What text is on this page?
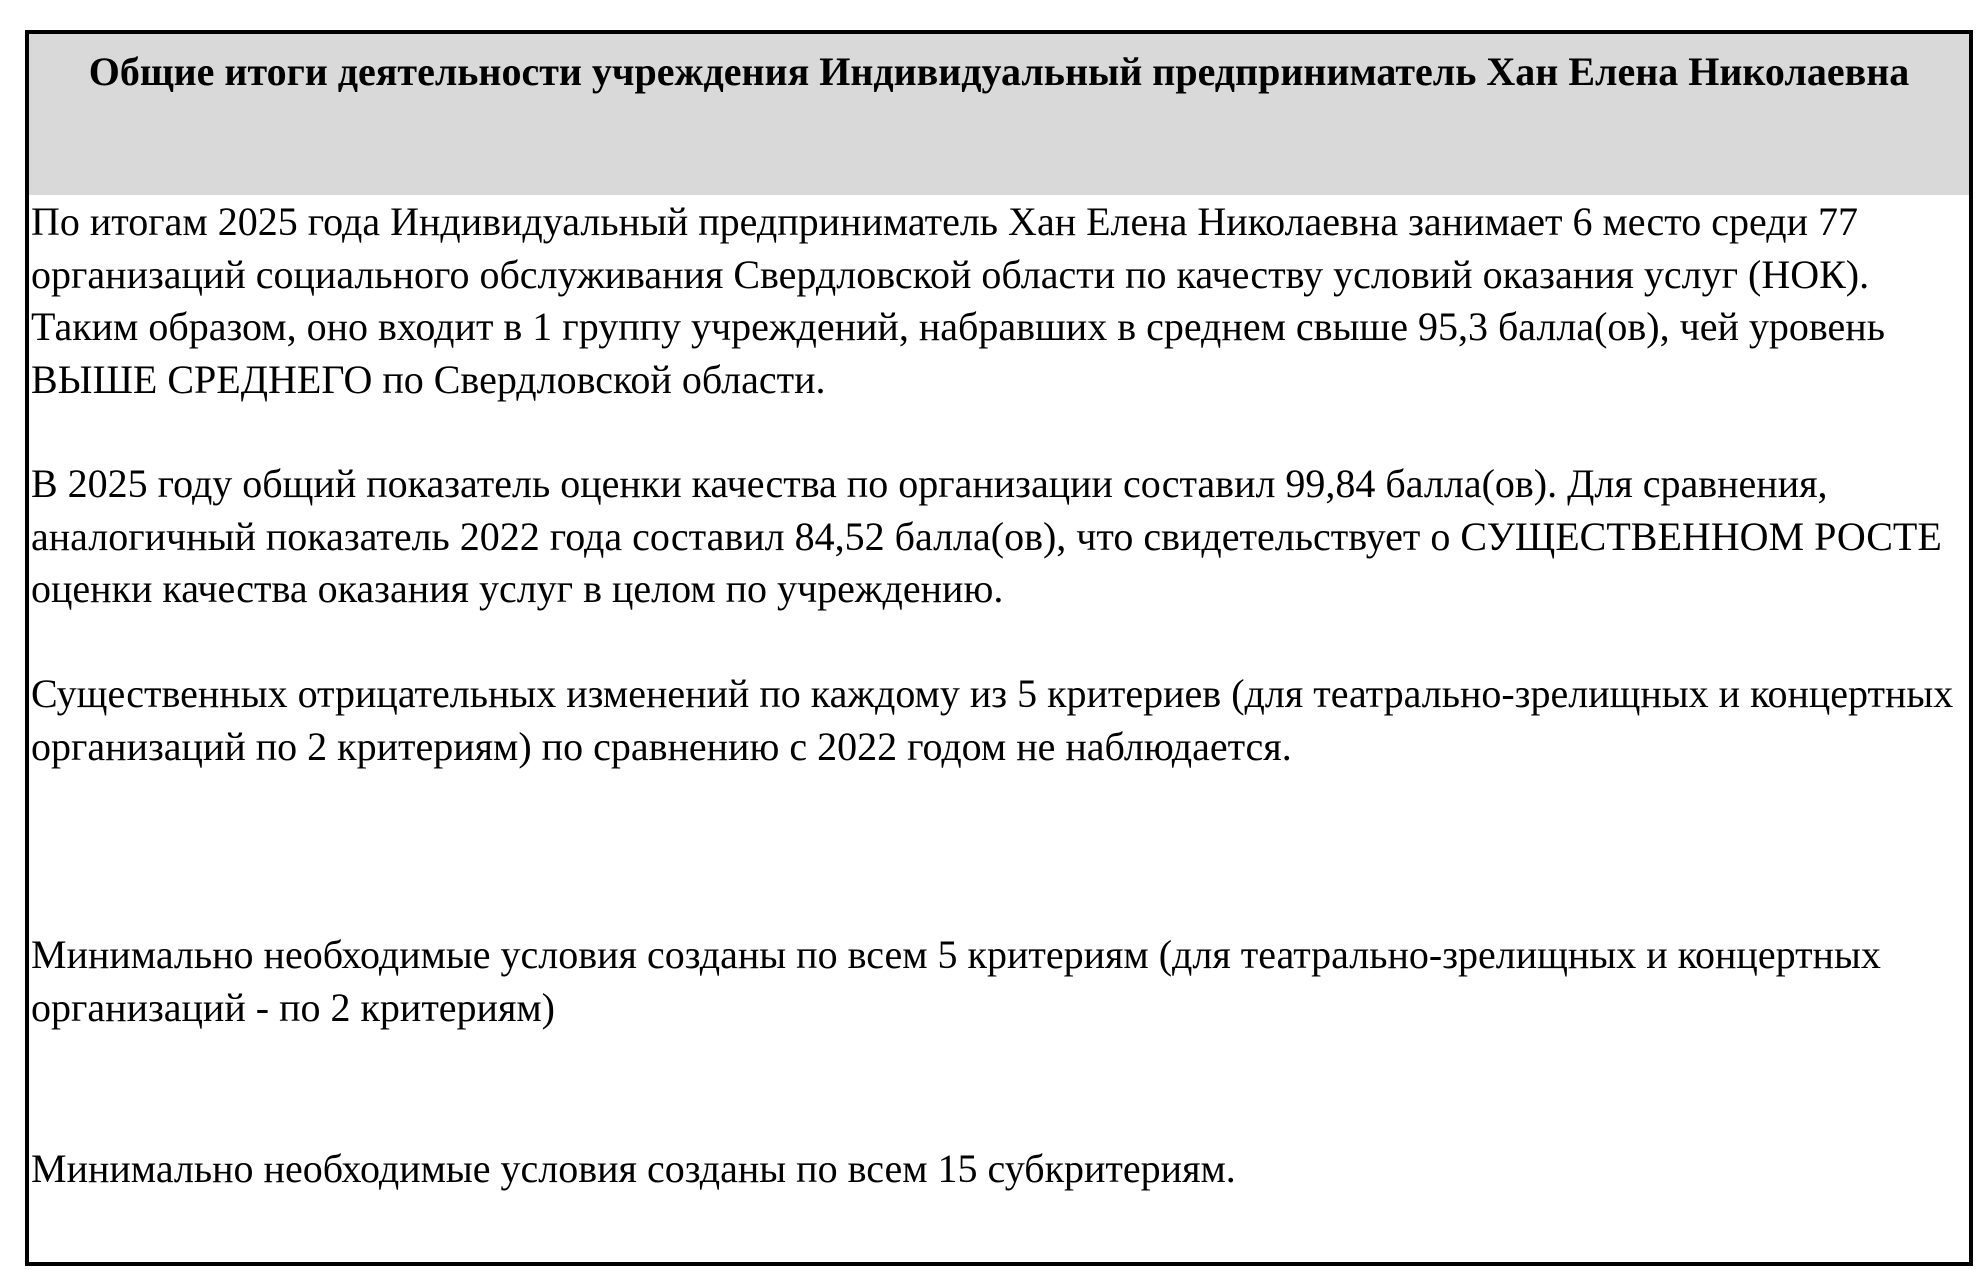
Общие итоги деятельности учреждения Индивидуальный предприниматель Хан Елена Николаевна

По итогам 2025 года Индивидуальный предприниматель Хан Елена Николаевна занимает 6 место среди 77 организаций социального обслуживания Свердловской области по качеству условий оказания услуг (НОК). Таким образом, оно входит в 1 группу учреждений, набравших в среднем свыше 95,3 балла(ов), чей уровень ВЫШЕ СРЕДНЕГО по Свердловской области.

В 2025 году общий показатель оценки качества по организации составил 99,84 балла(ов). Для сравнения, аналогичный показатель 2022 года составил 84,52 балла(ов), что свидетельствует о СУЩЕСТВЕННОМ РОСТЕ оценки качества оказания услуг в целом по учреждению.

Существенных отрицательных изменений по каждому из 5 критериев (для театрально-зрелищных и концертных организаций по 2 критериям) по сравнению с 2022 годом не наблюдается.

Минимально необходимые условия созданы по всем 5 критериям (для театрально-зрелищных и концертных организаций - по 2 критериям)

Минимально необходимые условия созданы по всем 15 субкритериям.
